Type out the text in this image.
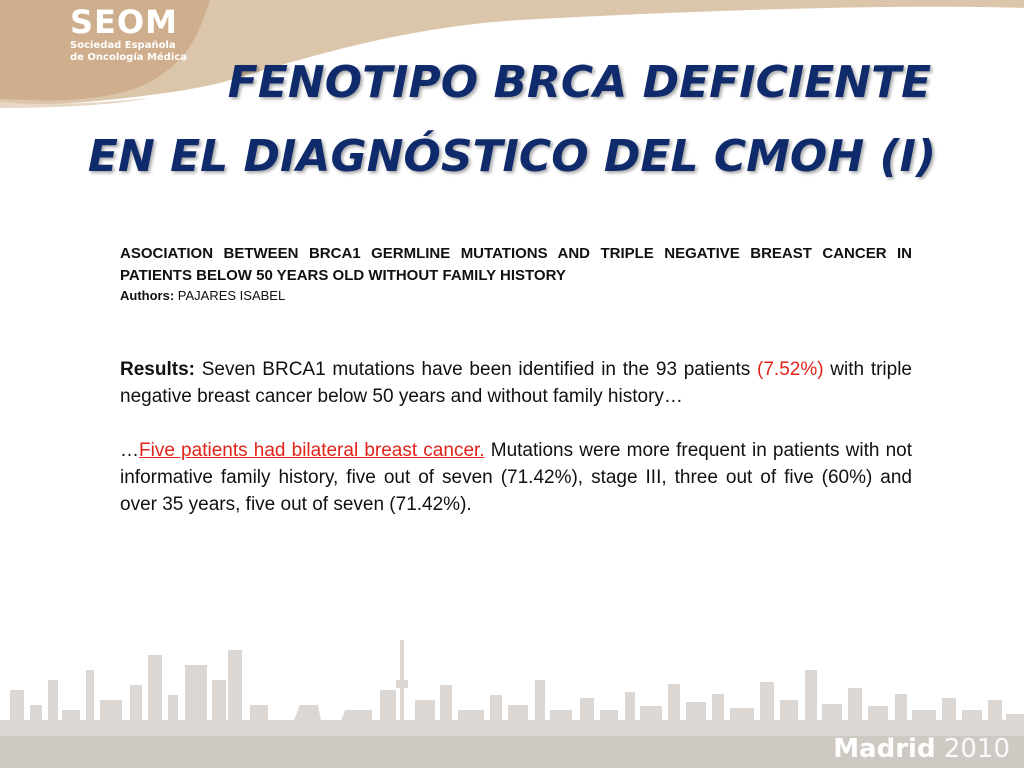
SEOM
Sociedad Española
de Oncología Médica FENOTIPO BRCA DEFICIENTE
EN EL DIAGNÓSTICO DEL CMOH (I)
ASOCIATION BETWEEN BRCA1 GERMLINE MUTATIONS AND TRIPLE NEGATIVE BREAST CANCER IN PATIENTS BELOW 50 YEARS OLD WITHOUT FAMILY HISTORY
Authors: PAJARES ISABEL
Results: Seven BRCA1 mutations have been identified in the 93 patients (7.52%) with triple negative breast cancer below 50 years and without family history…
…Five patients had bilateral breast cancer. Mutations were more frequent in patients with not informative family history, five out of seven (71.42%), stage III, three out of five (60%) and over 35 years, five out of seven (71.42%).
Madrid 2010
